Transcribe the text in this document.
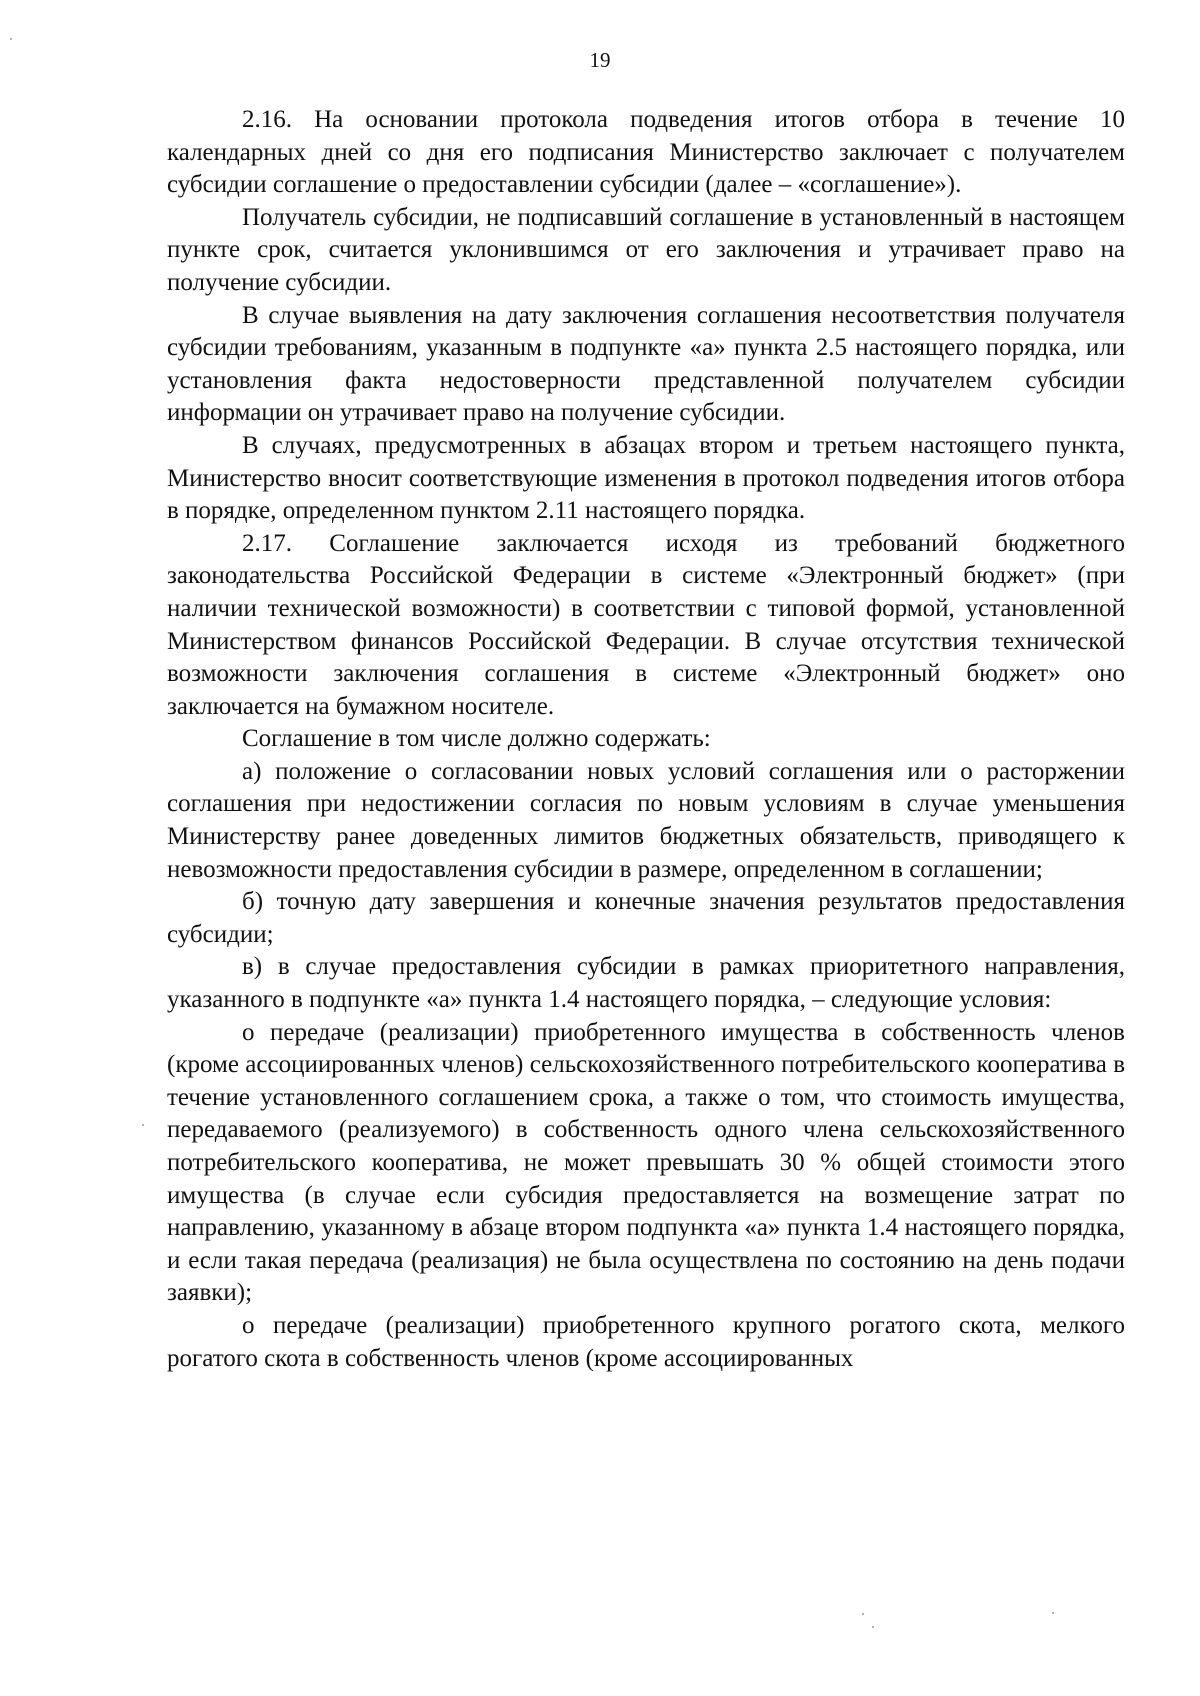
19

2.16. На основании протокола подведения итогов отбора в течение 10 календарных дней со дня его подписания Министерство заключает с получателем субсидии соглашение о предоставлении субсидии (далее – «соглашение»).

Получатель субсидии, не подписавший соглашение в установленный в настоящем пункте срок, считается уклонившимся от его заключения и утрачивает право на получение субсидии.

В случае выявления на дату заключения соглашения несоответствия получателя субсидии требованиям, указанным в подпункте «а» пункта 2.5 настоящего порядка, или установления факта недостоверности представленной получателем субсидии информации он утрачивает право на получение субсидии.

В случаях, предусмотренных в абзацах втором и третьем настоящего пункта, Министерство вносит соответствующие изменения в протокол подведения итогов отбора в порядке, определенном пунктом 2.11 настоящего порядка.

2.17. Соглашение заключается исходя из требований бюджетного законодательства Российской Федерации в системе «Электронный бюджет» (при наличии технической возможности) в соответствии с типовой формой, установленной Министерством финансов Российской Федерации. В случае отсутствия технической возможности заключения соглашения в системе «Электронный бюджет» оно заключается на бумажном носителе.

Соглашение в том числе должно содержать:

а) положение о согласовании новых условий соглашения или о расторжении соглашения при недостижении согласия по новым условиям в случае уменьшения Министерству ранее доведенных лимитов бюджетных обязательств, приводящего к невозможности предоставления субсидии в размере, определенном в соглашении;

б) точную дату завершения и конечные значения результатов предоставления субсидии;

в) в случае предоставления субсидии в рамках приоритетного направления, указанного в подпункте «а» пункта 1.4 настоящего порядка, – следующие условия:

о передаче (реализации) приобретенного имущества в собственность членов (кроме ассоциированных членов) сельскохозяйственного потребительского кооператива в течение установленного соглашением срока, а также о том, что стоимость имущества, передаваемого (реализуемого) в собственность одного члена сельскохозяйственного потребительского кооператива, не может превышать 30 % общей стоимости этого имущества (в случае если субсидия предоставляется на возмещение затрат по направлению, указанному в абзаце втором подпункта «а» пункта 1.4 настоящего порядка, и если такая передача (реализация) не была осуществлена по состоянию на день подачи заявки);

о передаче (реализации) приобретенного крупного рогатого скота, мелкого рогатого скота в собственность членов (кроме ассоциированных
